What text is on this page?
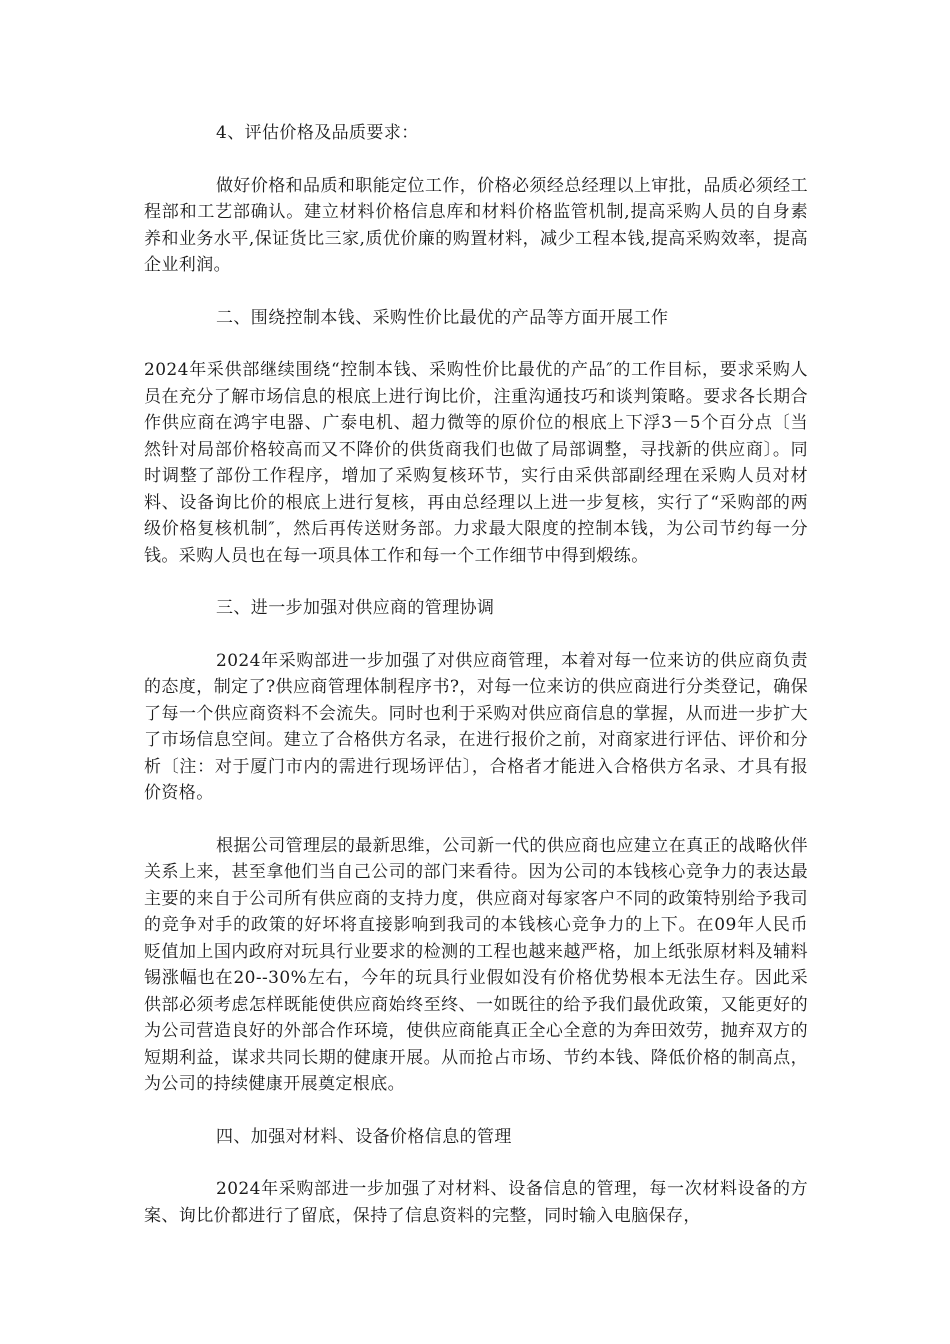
4、评估价格及品质要求：

做好价格和品质和职能定位工作，价格必须经总经理以上审批，品质必须经工程部和工艺部确认。建立材料价格信息库和材料价格监管机制,提高采购人员的自身素养和业务水平,保证货比三家,质优价廉的购置材料，减少工程本钱,提高采购效率，提高企业利润。

二、围绕控制本钱、采购性价比最优的产品等方面开展工作

2024年采供部继续围绕“控制本钱、采购性价比最优的产品″的工作目标，要求采购人员在充分了解市场信息的根底上进行询比价，注重沟通技巧和谈判策略。要求各长期合作供应商在鸿宇电器、广泰电机、超力微等的原价位的根底上下浮3－5个百分点〔当然针对局部价格较高而又不降价的供货商我们也做了局部调整，寻找新的供应商〕。同时调整了部份工作程序，增加了采购复核环节，实行由采供部副经理在采购人员对材料、设备询比价的根底上进行复核，再由总经理以上进一步复核，实行了“采购部的两级价格复核机制″，然后再传送财务部。力求最大限度的控制本钱，为公司节约每一分钱。采购人员也在每一项具体工作和每一个工作细节中得到煅练。

三、进一步加强对供应商的管理协调

2024年采购部进一步加强了对供应商管理，本着对每一位来访的供应商负责的态度，制定了?供应商管理体制程序书?，对每一位来访的供应商进行分类登记，确保了每一个供应商资料不会流失。同时也利于采购对供应商信息的掌握，从而进一步扩大了市场信息空间。建立了合格供方名录，在进行报价之前，对商家进行评估、评价和分析〔注：对于厦门市内的需进行现场评估〕，合格者才能进入合格供方名录、才具有报价资格。

根据公司管理层的最新思维，公司新一代的供应商也应建立在真正的战略伙伴关系上来，甚至拿他们当自己公司的部门来看待。因为公司的本钱核心竞争力的表达最主要的来自于公司所有供应商的支持力度，供应商对每家客户不同的政策特别给予我司的竞争对手的政策的好坏将直接影响到我司的本钱核心竞争力的上下。在09年人民币贬值加上国内政府对玩具行业要求的检测的工程也越来越严格，加上纸张原材料及辅料锡涨幅也在20--30%左右，今年的玩具行业假如没有价格优势根本无法生存。因此采供部必须考虑怎样既能使供应商始终至终、一如既往的给予我们最优政策，又能更好的为公司营造良好的外部合作环境，使供应商能真正全心全意的为奔田效劳，抛弃双方的短期利益，谋求共同长期的健康开展。从而抢占市场、节约本钱、降低价格的制高点，为公司的持续健康开展奠定根底。

四、加强对材料、设备价格信息的管理

2024年采购部进一步加强了对材料、设备信息的管理，每一次材料设备的方案、询比价都进行了留底，保持了信息资料的完整，同时输入电脑保存，
